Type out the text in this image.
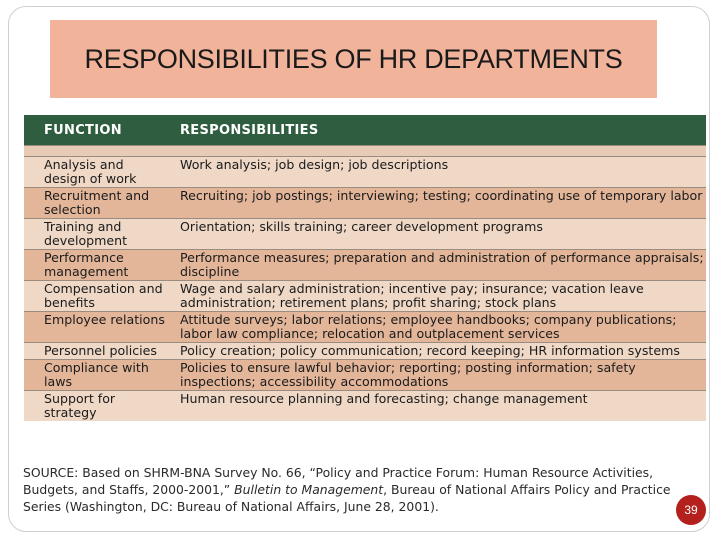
RESPONSIBILITIES OF HR DEPARTMENTS
FUNCTION	RESPONSIBILITIES

Analysis and design of work	Work analysis; job design; job descriptions
Recruitment and selection	Recruiting; job postings; interviewing; testing; coordinating use of temporary labor
Training and development	Orientation; skills training; career development programs
Performance management	Performance measures; preparation and administration of performance appraisals; discipline
Compensation and benefits	Wage and salary administration; incentive pay; insurance; vacation leave administration; retirement plans; profit sharing; stock plans
Employee relations	Attitude surveys; labor relations; employee handbooks; company publications; labor law compliance; relocation and outplacement services
Personnel policies	Policy creation; policy communication; record keeping; HR information systems
Compliance with laws	Policies to ensure lawful behavior; reporting; posting information; safety inspections; accessibility accommodations
Support for strategy	Human resource planning and forecasting; change management
SOURCE: Based on SHRM-BNA Survey No. 66, “Policy and Practice Forum: Human Resource Activities, Budgets, and Staffs, 2000-2001,” Bulletin to Management, Bureau of National Affairs Policy and Practice Series (Washington, DC: Bureau of National Affairs, June 28, 2001).	39
